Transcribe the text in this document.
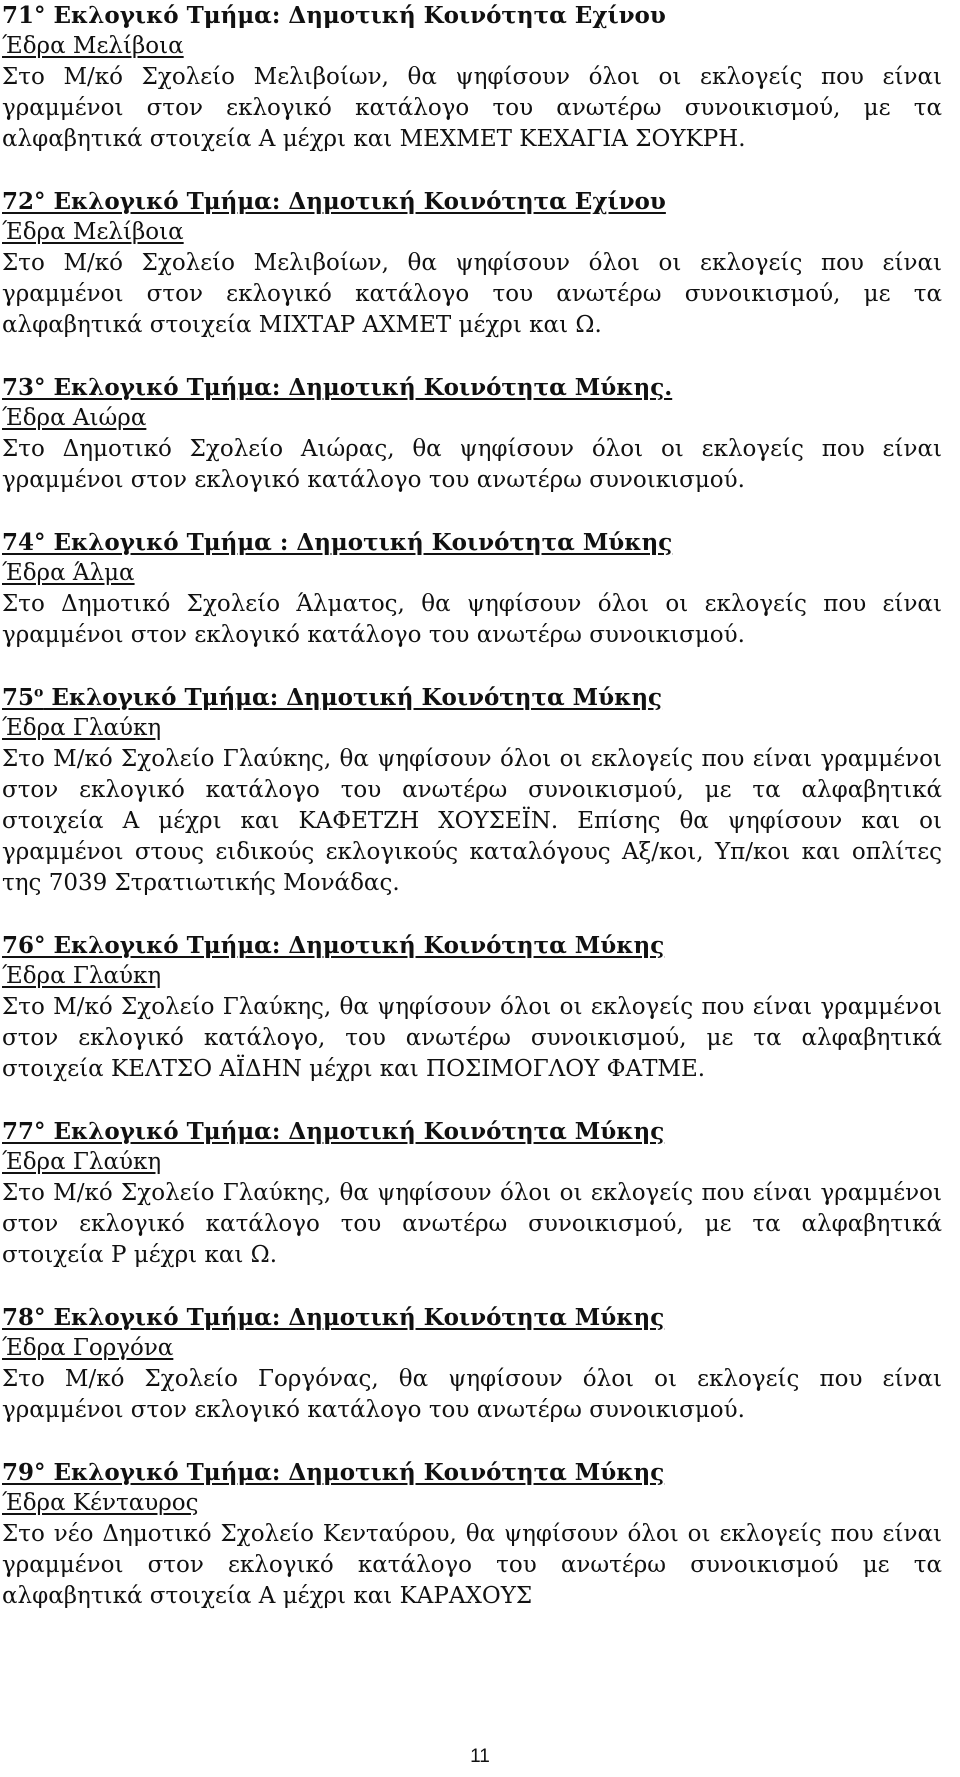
71° Εκλογικό Τμήμα: Δημοτική Κοινότητα Εχίνου

Έδρα Μελίβοια

Στο Μ/κό Σχολείο Μελιβοίων, θα ψηφίσουν όλοι οι εκλογείς που είναι γραμμένοι στον εκλογικό κατάλογο του ανωτέρω συνοικισμού, με τα αλφαβητικά στοιχεία Α μέχρι και ΜΕΧΜΕΤ ΚΕΧΑΓΙΑ ΣΟΥΚΡΗ.

72° Εκλογικό Τμήμα: Δημοτική Κοινότητα Εχίνου

Έδρα Μελίβοια

Στο Μ/κό Σχολείο Μελιβοίων, θα ψηφίσουν όλοι οι εκλογείς που είναι γραμμένοι στον εκλογικό κατάλογο του ανωτέρω συνοικισμού, με τα αλφαβητικά στοιχεία ΜΙΧΤΑΡ ΑΧΜΕΤ μέχρι και Ω.

73° Εκλογικό Τμήμα: Δημοτική Κοινότητα Μύκης.

Έδρα Αιώρα

Στο Δημοτικό Σχολείο Αιώρας, θα ψηφίσουν όλοι οι εκλογείς που είναι γραμμένοι στον εκλογικό κατάλογο του ανωτέρω συνοικισμού.

74° Εκλογικό Τμήμα : Δημοτική Κοινότητα Μύκης

Έδρα Άλμα

Στο Δημοτικό Σχολείο Άλματος, θα ψηφίσουν όλοι οι εκλογείς που είναι γραμμένοι στον εκλογικό κατάλογο του ανωτέρω συνοικισμού.

$75^o$ Εκλογικό Τμήμα: Δημοτική Κοινότητα Μύκης

Έδρα Γλαύκη

Στο Μ/κό Σχολείο Γλαύκης, θα ψηφίσουν όλοι οι εκλογείς που είναι γραμμένοι στον εκλογικό κατάλογο του ανωτέρω συνοικισμού, με τα αλφαβητικά στοιχεία Α μέχρι και ΚΑΦΕΤΖΗ ΧΟΥΣΕΪΝ. Επίσης θα ψηφίσουν και οι γραμμένοι στους ειδικούς εκλογικούς καταλόγους Αξ/κοι, Υπ/κοι και οπλίτες της 7039 Στρατιωτικής Μονάδας.

76° Εκλογικό Τμήμα: Δημοτική Κοινότητα Μύκης

Έδρα Γλαύκη

Στο Μ/κό Σχολείο Γλαύκης, θα ψηφίσουν όλοι οι εκλογείς που είναι γραμμένοι στον εκλογικό κατάλογο, του ανωτέρω συνοικισμού, με τα αλφαβητικά στοιχεία ΚΕΛΤΣΟ ΑΪΔΗΝ μέχρι και ΠΟΣΙΜΟΓΛΟΥ ΦΑΤΜΕ.

77° Εκλογικό Τμήμα: Δημοτική Κοινότητα Μύκης

Έδρα Γλαύκη

Στο Μ/κό Σχολείο Γλαύκης, θα ψηφίσουν όλοι οι εκλογείς που είναι γραμμένοι στον εκλογικό κατάλογο του ανωτέρω συνοικισμού, με τα αλφαβητικά στοιχεία Ρ μέχρι και Ω.

78° Εκλογικό Τμήμα: Δημοτική Κοινότητα Μύκης

Έδρα Γοργόνα

Στο Μ/κό Σχολείο Γοργόνας, θα ψηφίσουν όλοι οι εκλογείς που είναι γραμμένοι στον εκλογικό κατάλογο του ανωτέρω συνοικισμού.

79° Εκλογικό Τμήμα: Δημοτική Κοινότητα Μύκης

Έδρα Κένταυρος

Στο νέο Δημοτικό Σχολείο Κενταύρου, θα ψηφίσουν όλοι οι εκλογείς που είναι γραμμένοι στον εκλογικό κατάλογο του ανωτέρω συνοικισμού με τα αλφαβητικά στοιχεία Α μέχρι και ΚΑΡΑΧΟΥΣ

11
